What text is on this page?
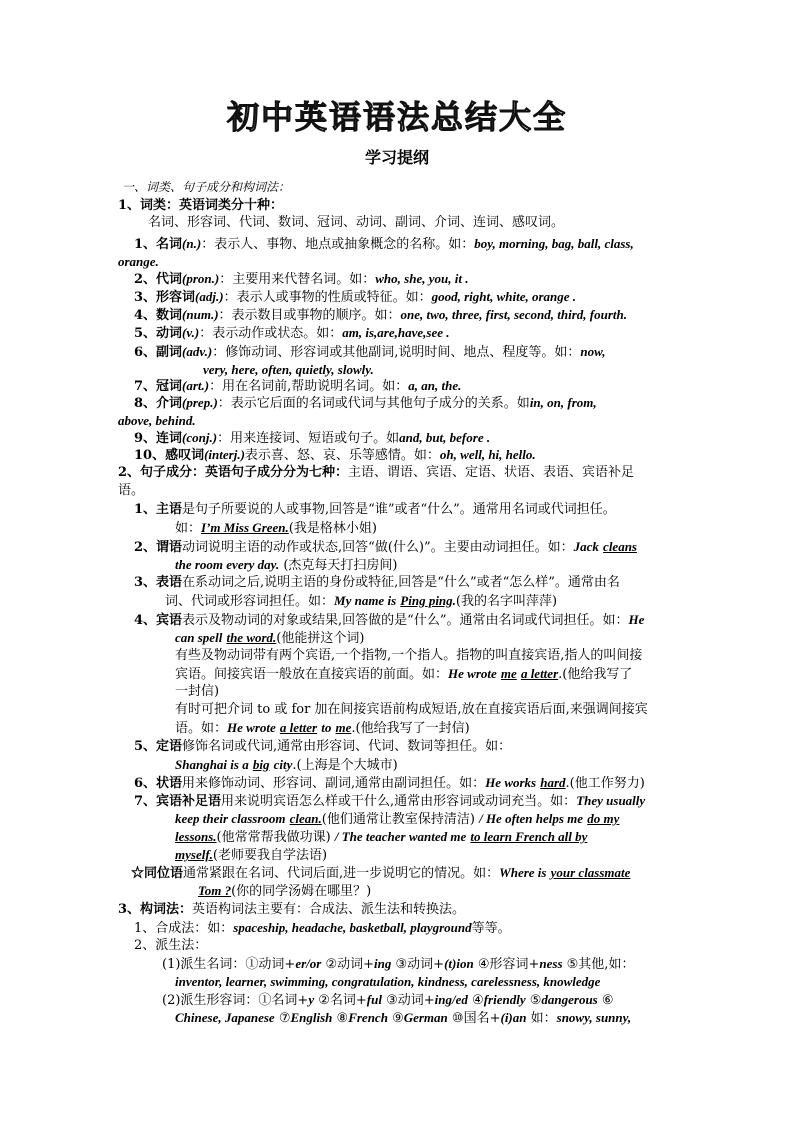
初中英语语法总结大全
学习提纲
一、词类、句子成分和构词法：
1、词类：英语词类分十种：
名词、形容词、代词、数词、冠词、动词、副词、介词、连词、感叹词。
1、名词(n.)：表示人、事物、地点或抽象概念的名称。如：boy, morning, bag, ball, class,
orange.
2、代词(pron.)：主要用来代替名词。如：who, she, you, it .
3、形容词(adj.)：表示人或事物的性质或特征。如：good, right, white, orange .
4、数词(num.)：表示数目或事物的顺序。如：one, two, three, first, second, third, fourth.
5、动词(v.)：表示动作或状态。如：am, is,are,have,see .
6、副词(adv.)：修饰动词、形容词或其他副词,说明时间、地点、程度等。如：now,
very, here, often, quietly, slowly.
7、冠词(art.)：用在名词前,帮助说明名词。如：a, an, the.
8、介词(prep.)：表示它后面的名词或代词与其他句子成分的关系。如in, on, from,
above, behind.
9、连词(conj.)：用来连接词、短语或句子。如and, but, before .
10、感叹词(interj.)表示喜、怒、哀、乐等感情。如：oh, well, hi, hello.
2、句子成分：英语句子成分分为七种：主语、谓语、宾语、定语、状语、表语、宾语补足
语。
1、主语是句子所要说的人或事物,回答是“谁”或者“什么”。通常用名词或代词担任。
如：I’m Miss Green.(我是格林小姐)
2、谓语动词说明主语的动作或状态,回答“做(什么)”。主要由动词担任。如：Jack cleans
the room every day. (杰克每天打扫房间)
3、表语在系动词之后,说明主语的身份或特征,回答是“什么”或者“怎么样”。通常由名
词、代词或形容词担任。如：My name is Ping ping.(我的名字叫萍萍)
4、宾语表示及物动词的对象或结果,回答做的是“什么”。通常由名词或代词担任。如：He
can spell the word.(他能拼这个词)
有些及物动词带有两个宾语,一个指物,一个指人。指物的叫直接宾语,指人的叫间接
宾语。间接宾语一般放在直接宾语的前面。如：He wrote me a letter.(他给我写了
一封信)
有时可把介词 to 或 for 加在间接宾语前构成短语,放在直接宾语后面,来强调间接宾
语。如：He wrote a letter to me.(他给我写了一封信)
5、定语修饰名词或代词,通常由形容词、代词、数词等担任。如：
Shanghai is a big city.(上海是个大城市)
6、状语用来修饰动词、形容词、副词,通常由副词担任。如：He works hard.(他工作努力)
7、宾语补足语用来说明宾语怎么样或干什么,通常由形容词或动词充当。如：They usually
keep their classroom clean.(他们通常让教室保持清洁) / He often helps me do my
lessons.(他常常帮我做功课) / The teacher wanted me to learn French all by
myself.(老师要我自学法语)
☆同位语通常紧跟在名词、代词后面,进一步说明它的情况。如：Where is your classmate
Tom ?(你的同学汤姆在哪里？)
3、构词法：英语构词法主要有：合成法、派生法和转换法。
1、合成法：如：spaceship, headache, basketball, playground等等。
2、派生法：
(1)派生名词：①动词+er/or ②动词+ing ③动词+(t)ion ④形容词+ness ⑤其他,如：
inventor, learner, swimming, congratulation, kindness, carelessness, knowledge
(2)派生形容词：①名词+y ②名词+ful ③动词+ing/ed ④friendly ⑤dangerous ⑥
Chinese, Japanese ⑦English ⑧French ⑨German ⑩国名+(i)an 如：snowy, sunny,
